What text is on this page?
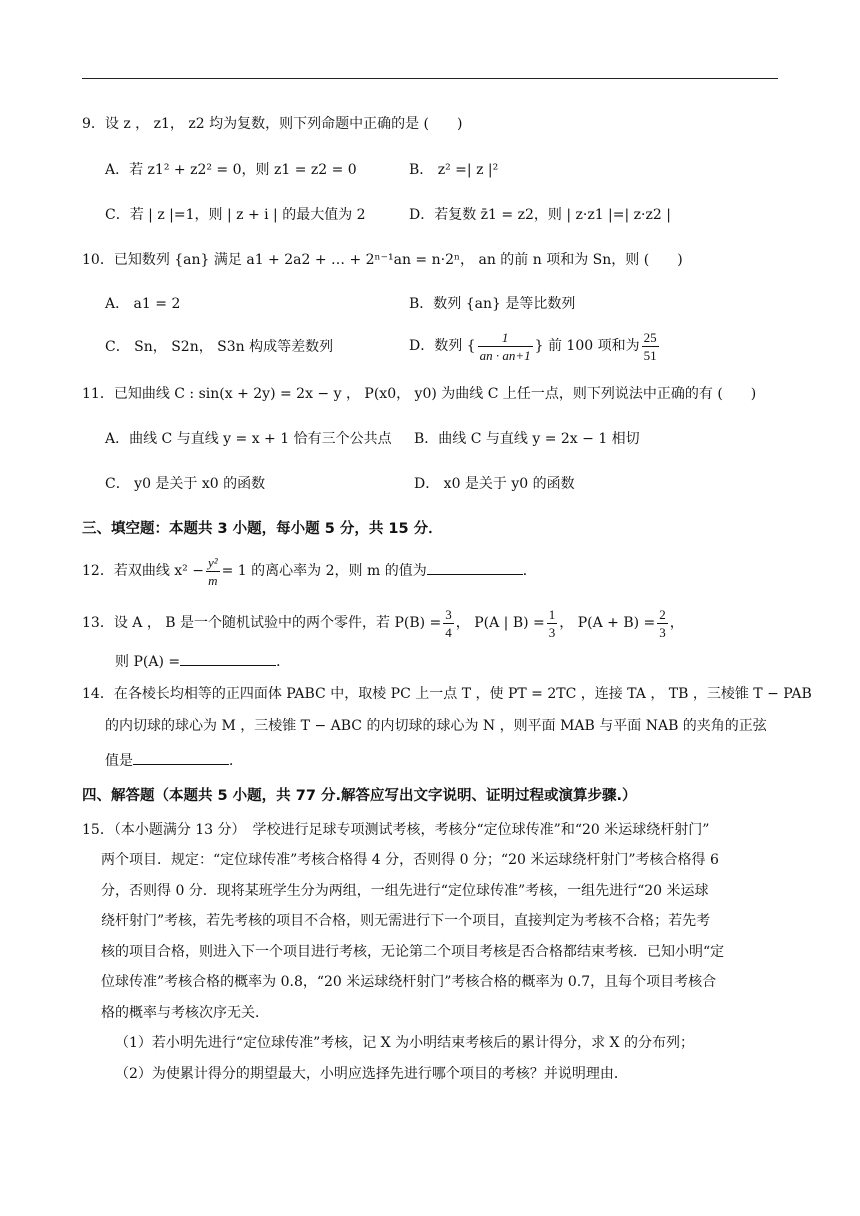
9．设 z ， z1， z2 均为复数，则下列命题中正确的是 (　　)
A．若 z1² + z2² = 0，则 z1 = z2 = 0	B． z² =| z |²
C．若 | z |=1，则 | z + i | 的最大值为 2	D．若复数 z̄1 = z2，则 | z·z1 |=| z·z2 |
10．已知数列 {an} 满足 a1 + 2a2 + … + 2ⁿ⁻¹an = n·2ⁿ， an 的前 n 项和为 Sn，则 (　　)
A． a1 = 2	B．数列 {an} 是等比数列
C． Sn， S2n， S3n 构成等差数列	D．数列 { $\frac{1}{an \cdot an+1}$ } 前 100 项和为 $\frac{25}{51}$
11．已知曲线 C : sin(x + 2y) = 2x − y ， P(x0， y0) 为曲线 C 上任一点，则下列说法中正确的有 (　　)
A．曲线 C 与直线 y = x + 1 恰有三个公共点 B．曲线 C 与直线 y = 2x − 1 相切
C． y0 是关于 x0 的函数	D． x0 是关于 y0 的函数
三、填空题：本题共 3 小题，每小题 5 分，共 15 分．
12．若双曲线 $x^2 - \frac{\text{y²}}{m} = 1$ 的离心率为 2，则 m 的值为	．
13．设 A ， B 是一个随机试验中的两个零件，若 $P(B) = \frac{3}{4}$ ， P(A | $B) = \frac{1}{3}$ ， $P(A + B) = \frac{2}{3}$ ，
则 P(A) =	．
14．在各棱长均相等的正四面体 PABC 中，取棱 PC 上一点 T ，使 PT = 2TC ，连接 TA ， TB ，三棱锥 T − PAB
的内切球的球心为 M ，三棱锥 T − ABC 的内切球的球心为 N ，则平面 MAB 与平面 NAB 的夹角的正弦
值是	．
四、解答题（本题共 5 小题，共 77 分.解答应写出文字说明、证明过程或演算步骤.）
15．（本小题满分 13 分）　学校进行足球专项测试考核，考核分“定位球传准”和“20 米运球绕杆射门”
两个项目．规定：“定位球传准”考核合格得 4 分，否则得 0 分；“20 米运球绕杆射门”考核合格得 6
分，否则得 0 分．现将某班学生分为两组，一组先进行“定位球传准”考核，一组先进行“20 米运球
绕杆射门”考核，若先考核的项目不合格，则无需进行下一个项目，直接判定为考核不合格；若先考
核的项目合格，则进入下一个项目进行考核，无论第二个项目考核是否合格都结束考核．已知小明“定
位球传准”考核合格的概率为 0.8，“20 米运球绕杆射门”考核合格的概率为 0.7，且每个项目考核合
格的概率与考核次序无关．
（1）若小明先进行“定位球传准”考核，记 X 为小明结束考核后的累计得分，求 X 的分布列；
（2）为使累计得分的期望最大，小明应选择先进行哪个项目的考核？并说明理由．
